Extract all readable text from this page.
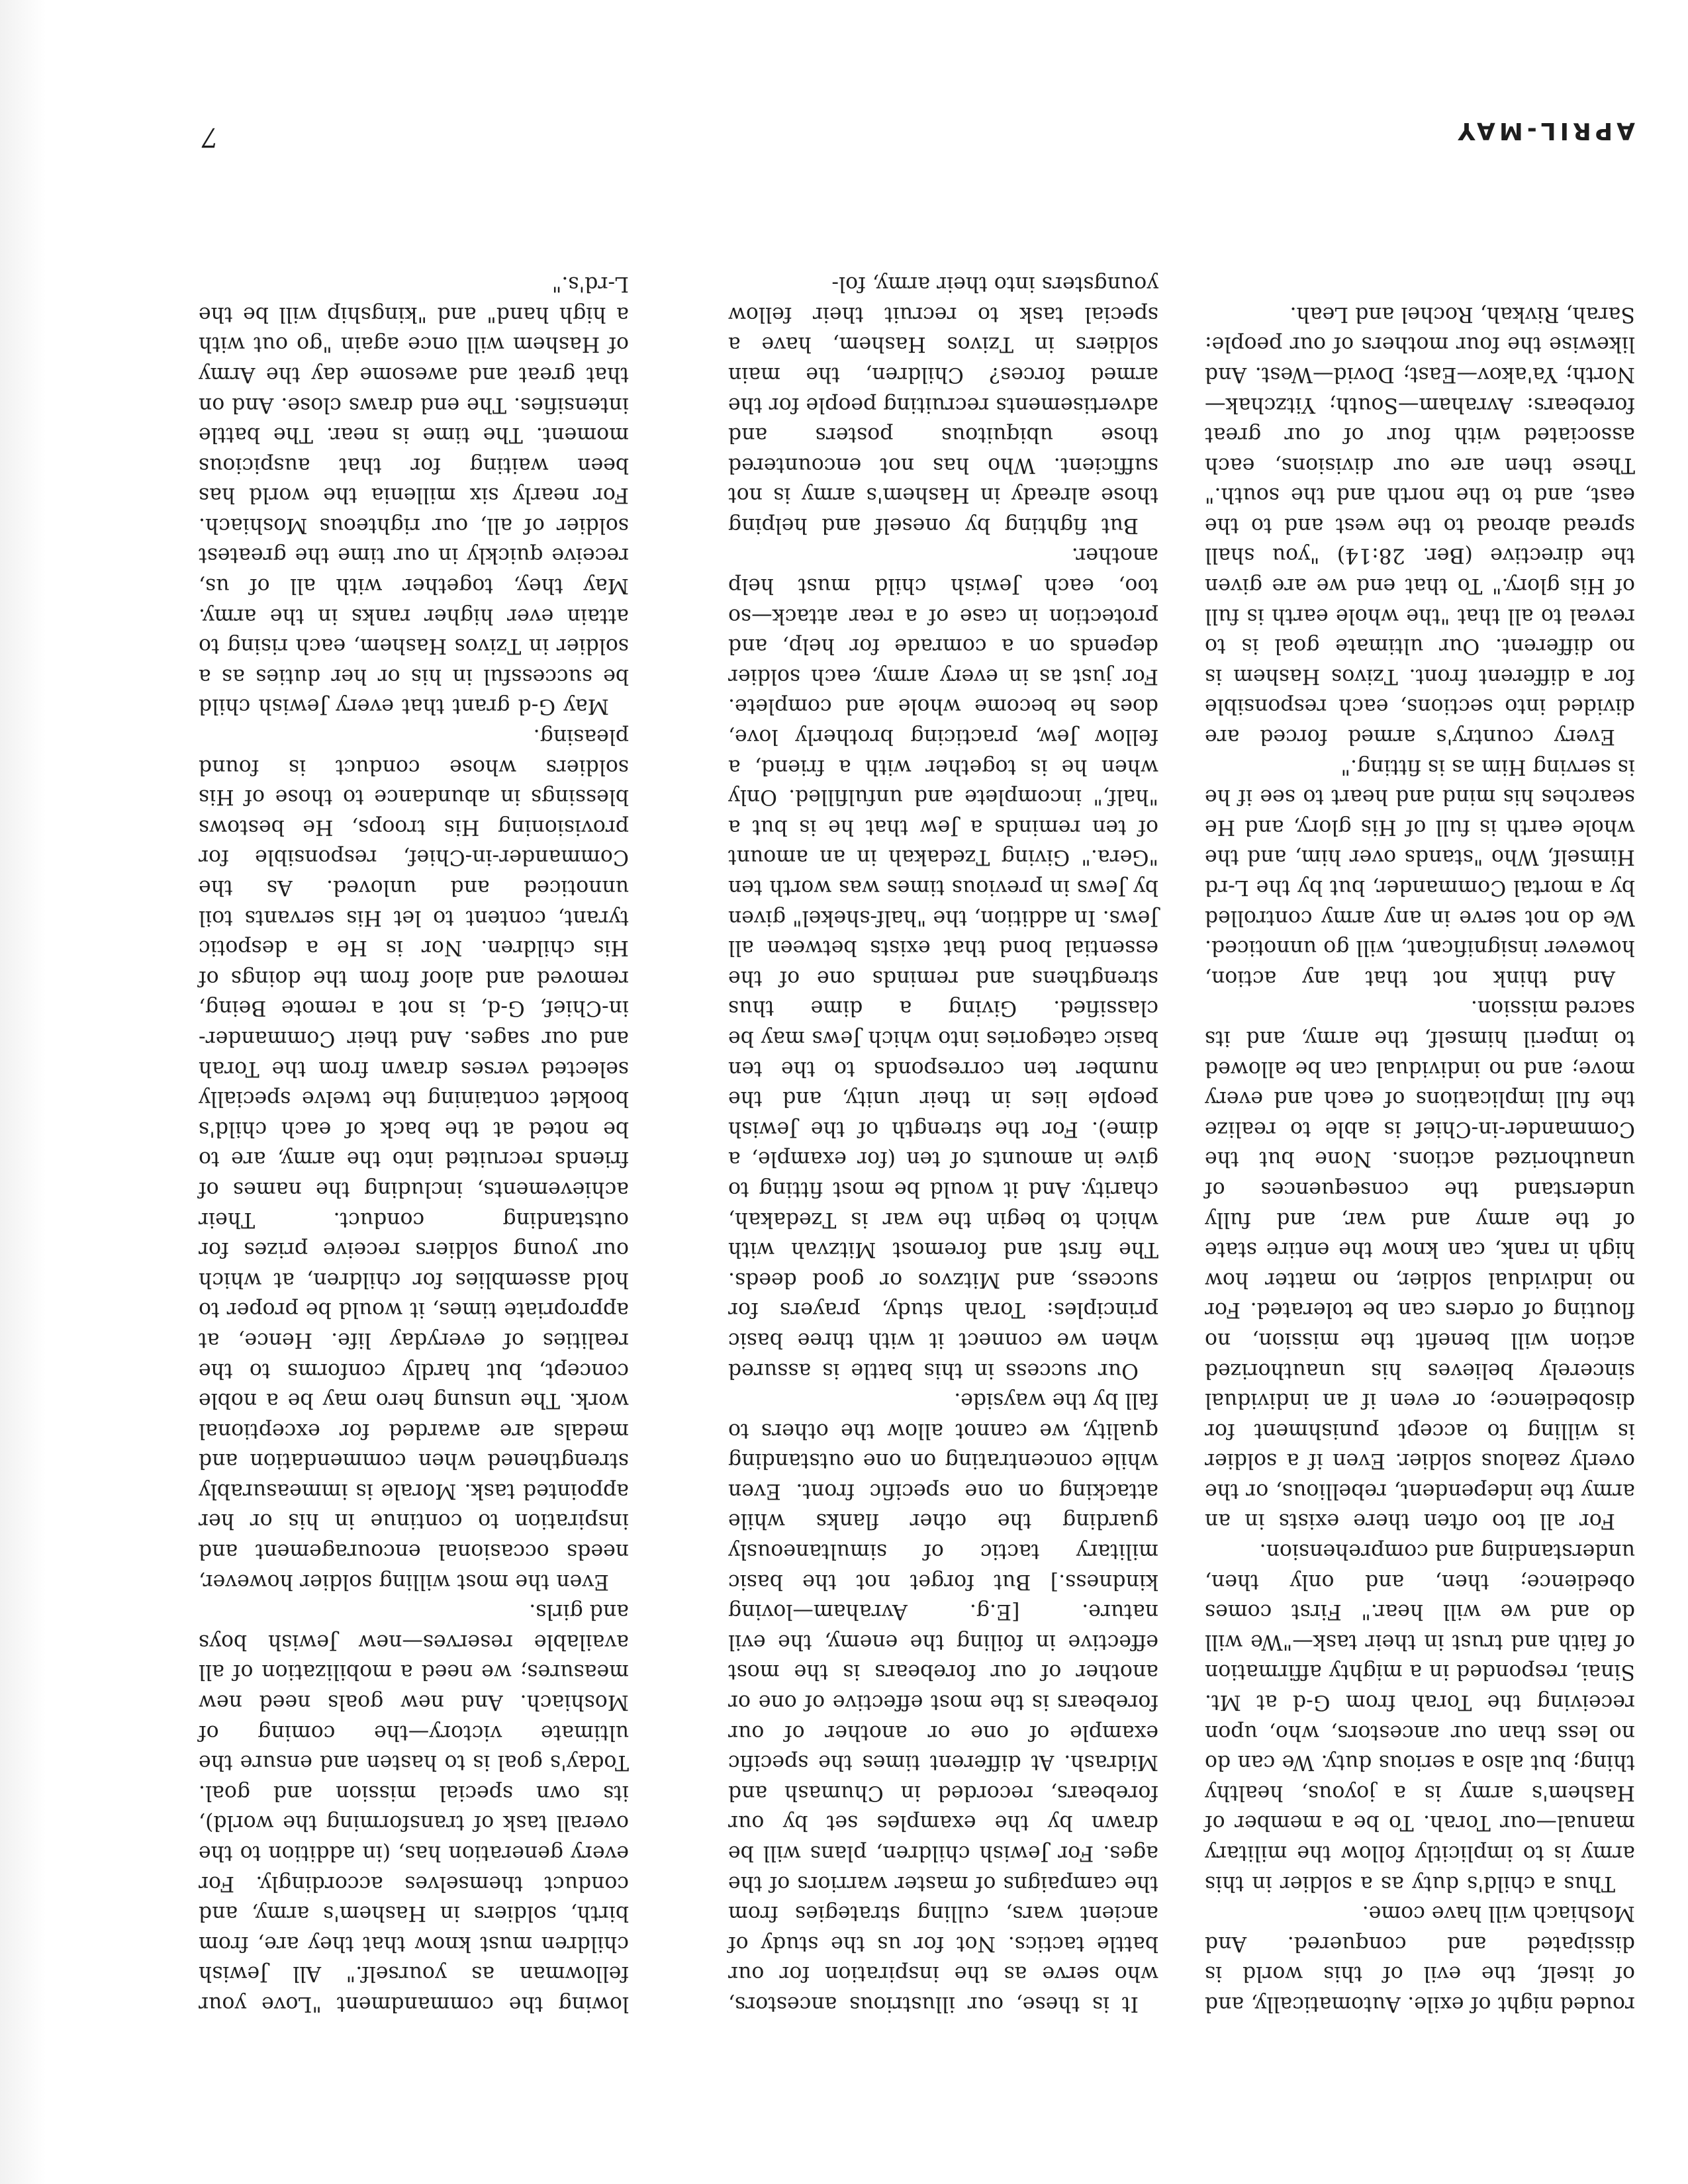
APRIL-MAY
7

rouded night of exile. Automatically, and of itself, the evil of this world is dissipated and conquered. And Moshiach will have come.

Thus a child's duty as a soldier in this army is to implicitly follow the military manual—our Torah. To be a member of Hashem's army is a joyous, healthy thing; but also a serious duty. We can do no less than our ancestors, who, upon receiving the Torah from G-d at Mt. Sinai, responded in a mighty affirmation of faith and trust in their task—"We will do and we will hear." First comes obedience; then, and only then, understanding and comprehension.

For all too often there exists in an army the independent, rebellious, or the overly zealous soldier. Even if a soldier is willing to accept punishment for disobedience; or even if an individual sincerely believes his unauthorized action will benefit the mission, no flouting of orders can be tolerated. For no individual soldier, no matter how high in rank, can know the entire state of the army and war, and fully understand the consequences of unauthorized actions. None but the Commander-in-Chief is able to realize the full implications of each and every move; and no individual can be allowed to imperil himself, the army, and its sacred mission.

And think not that any action, however insignificant, will go unnoticed. We do not serve in any army controlled by a mortal Commander, but by the L-rd Himself, Who "stands over him, and the whole earth is full of His glory, and He searches his mind and heart to see if he is serving Him as is fitting."

Every country's armed forced are divided into sections, each responsible for a different front. Tzivos Hashem is no different. Our ultimate goal is to reveal to all that "the whole earth is full of His glory." To that end we are given the directive (Ber. 28:14) "you shall spread abroad to the west and to the east, and to the north and the south." These then are our divisions, each associated with four of our great forebears: Avraham—South; Yitzchak—North; Ya'akov—East; Dovid—West. And likewise the four mothers of our people: Sarah, Rivkah, Rochel and Leah.

It is these, our illustrious ancestors, who serve as the inspiration for our battle tactics. Not for us the study of ancient wars, culling strategies from the campaigns of master warriors of the ages. For Jewish children, plans will be drawn by the examples set by our forebears, recorded in Chumash and Midrash. At different times the specific example of one or another of our forebears is the most effective of one or another of our forebears is the most effective in foiling the enemy, the evil nature. [E.g. Avraham—loving kindness.] But forget not the basic military tactic of simultaneously guarding the other flanks while attacking on one specific front. Even while concentrating on one outstanding quality, we cannot allow the others to fall by the wayside.

Our success in this battle is assured when we connect it with three basic principles: Torah study, prayers for success, and Mitzvos or good deeds. The first and foremost Mitzvah with which to begin the war is Tzedakah, charity. And it would be most fitting to give in amounts of ten (for example, a dime). For the strength of the Jewish people lies in their unity, and the number ten corresponds to the ten basic categories into which Jews may be classified. Giving a dime thus strengthens and reminds one of the essential bond that exists between all Jews. In addition, the "half-shekel" given by Jews in previous times was worth ten "Gera." Giving Tzedakah in an amount of ten reminds a Jew that he is but a "half," incomplete and unfulfilled. Only when he is together with a friend, a fellow Jew, practicing brotherly love, does he become whole and complete. For just as in every army, each soldier depends on a comrade for help, and protection in case of a rear attack—so too, each Jewish child must help another.

But fighting by oneself and helping those already in Hashem's army is not sufficient. Who has not encountered those ubiquitous posters and advertisements recruiting people for the armed forces? Children, the main soldiers in Tzivos Hashem, have a special task to recruit their fellow youngsters into their army, fol-

lowing the commandment "Love your fellowman as yourself." All Jewish children must know that they are, from birth, soldiers in Hashem's army, and conduct themselves accordingly. For every generation has, (in addition to the overall task of transforming the world), its own special mission and goal. Today's goal is to hasten and ensure the ultimate victory—the coming of Moshiach. And new goals need new measures; we need a mobilization of all available reserves—new Jewish boys and girls.

Even the most willing soldier however, needs occasional encouragement and inspiration to continue in his or her appointed task. Morale is immeasurably strengthened when commendation and medals are awarded for exceptional work. The unsung hero may be a noble concept, but hardly conforms to the realities of everyday life. Hence, at appropriate times, it would be proper to hold assemblies for children, at which our young soldiers receive prizes for outstanding conduct. Their achievements, including the names of friends recruited into the army, are to be noted at the back of each child's booklet containing the twelve specially selected verses drawn from the Torah and our sages. And their Commander-in-Chief, G-d, is not a remote Being, removed and aloof from the doings of His children. Nor is He a despotic tyrant, content to let His servants toil unnoticed and unloved. As the Commander-in-Chief, responsible for provisioning His troops, He bestows blessings in abundance to those of His soldiers whose conduct is found pleasing.

May G-d grant that every Jewish child be successful in his or her duties as a soldier in Tzivos Hashem, each rising to attain ever higher ranks in the army. May they, together with all of us, receive quickly in our time the greatest soldier of all, our righteous Moshiach. For nearly six millenia the world has been waiting for that auspicious moment. The time is near. The battle intensifies. The end draws close. And on that great and awesome day the Army of Hashem will once again "go out with a high hand" and "kingship will be the L-rd's."
